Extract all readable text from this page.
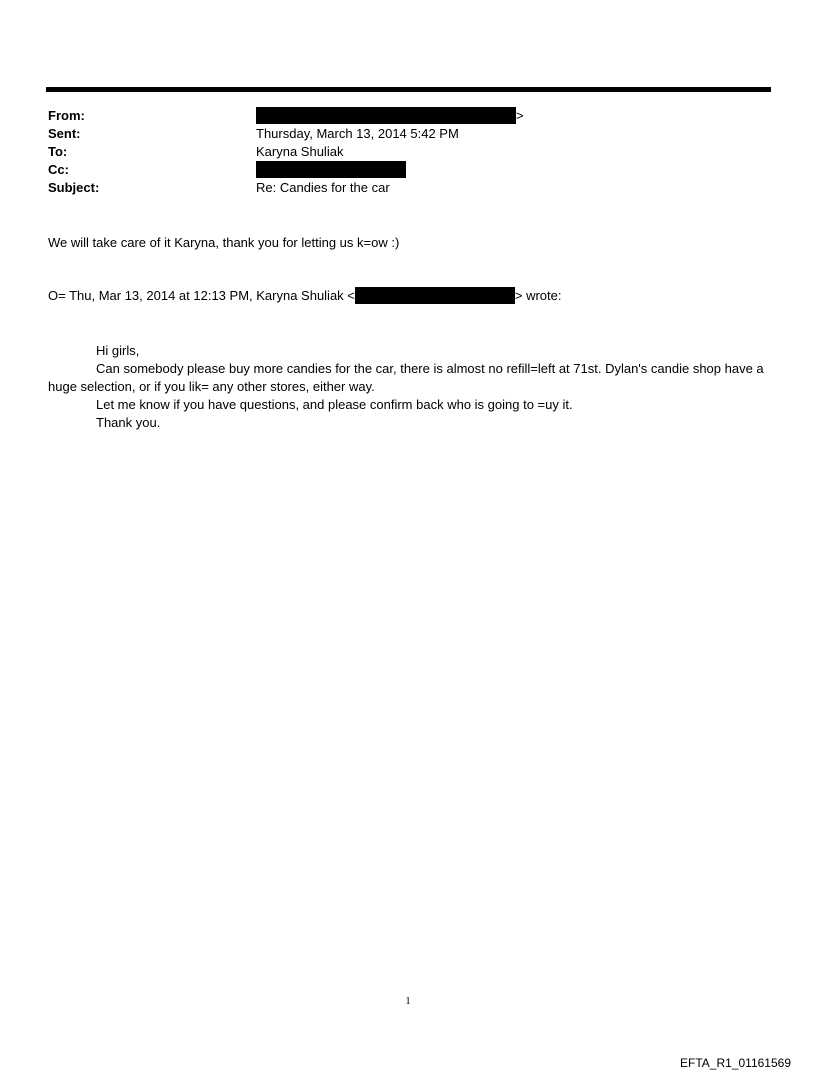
From:	>
Sent:	Thursday, March 13, 2014 5:42 PM
To:	Karyna Shuliak
Cc:
Subject:	Re: Candies for the car
We will take care of it Karyna, thank you for letting us k=ow :)
O= Thu, Mar 13, 2014 at 12:13 PM, Karyna Shuliak <	> wrote:

Hi girls,

Can somebody please buy more candies for the car, there is almost no refill=left at 71st. Dylan's candie shop have a huge selection, or if you lik= any other stores, either way.

Let me know if you have questions, and please confirm back who is going to =uy it.

Thank you.

1
EFTA_R1_01161569
